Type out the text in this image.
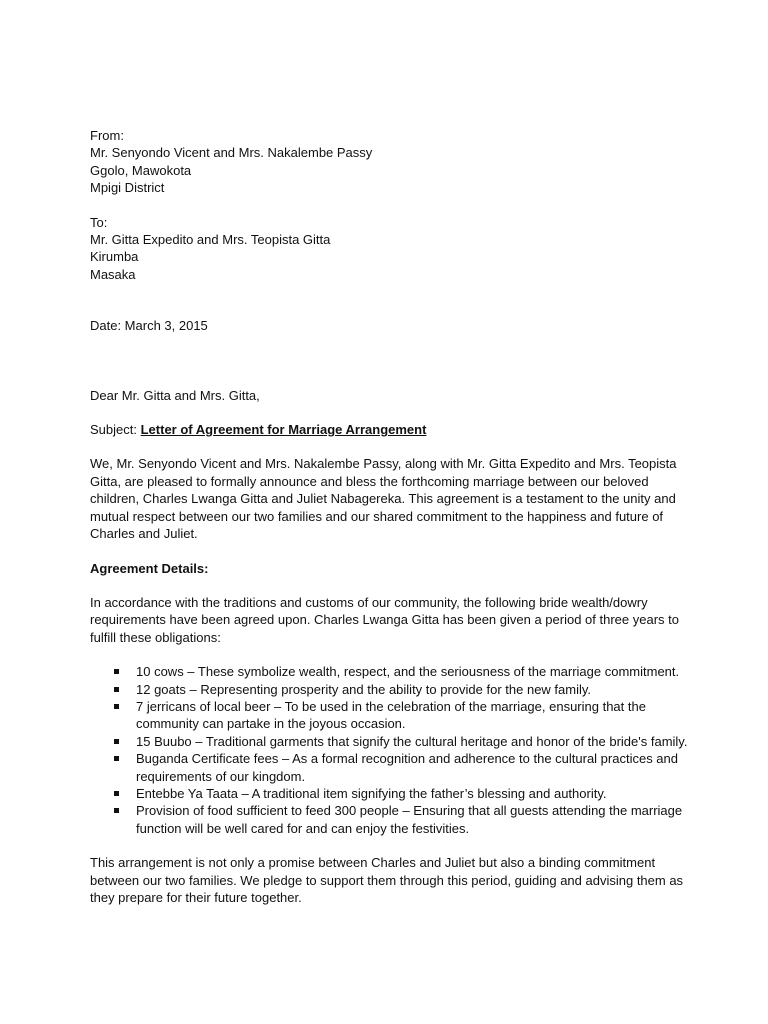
From:
Mr. Senyondo Vicent and Mrs. Nakalembe Passy
Ggolo, Mawokota
Mpigi District
To:
Mr. Gitta Expedito and Mrs. Teopista Gitta
Kirumba
Masaka
Date: March 3, 2015
Dear Mr. Gitta and Mrs. Gitta,
Subject: Letter of Agreement for Marriage Arrangement

We, Mr. Senyondo Vicent and Mrs. Nakalembe Passy, along with Mr. Gitta Expedito and Mrs. Teopista Gitta, are pleased to formally announce and bless the forthcoming marriage between our beloved children, Charles Lwanga Gitta and Juliet Nabagereka. This agreement is a testament to the unity and mutual respect between our two families and our shared commitment to the happiness and future of Charles and Juliet.

Agreement Details:

In accordance with the traditions and customs of our community, the following bride wealth/dowry requirements have been agreed upon. Charles Lwanga Gitta has been given a period of three years to fulfill these obligations:

10 cows – These symbolize wealth, respect, and the seriousness of the marriage commitment.
12 goats – Representing prosperity and the ability to provide for the new family.
7 jerricans of local beer – To be used in the celebration of the marriage, ensuring that the community can partake in the joyous occasion.
15 Buubo – Traditional garments that signify the cultural heritage and honor of the bride's family.
Buganda Certificate fees – As a formal recognition and adherence to the cultural practices and requirements of our kingdom.
Entebbe Ya Taata – A traditional item signifying the father’s blessing and authority.
Provision of food sufficient to feed 300 people – Ensuring that all guests attending the marriage function will be well cared for and can enjoy the festivities.

This arrangement is not only a promise between Charles and Juliet but also a binding commitment between our two families. We pledge to support them through this period, guiding and advising them as they prepare for their future together.
